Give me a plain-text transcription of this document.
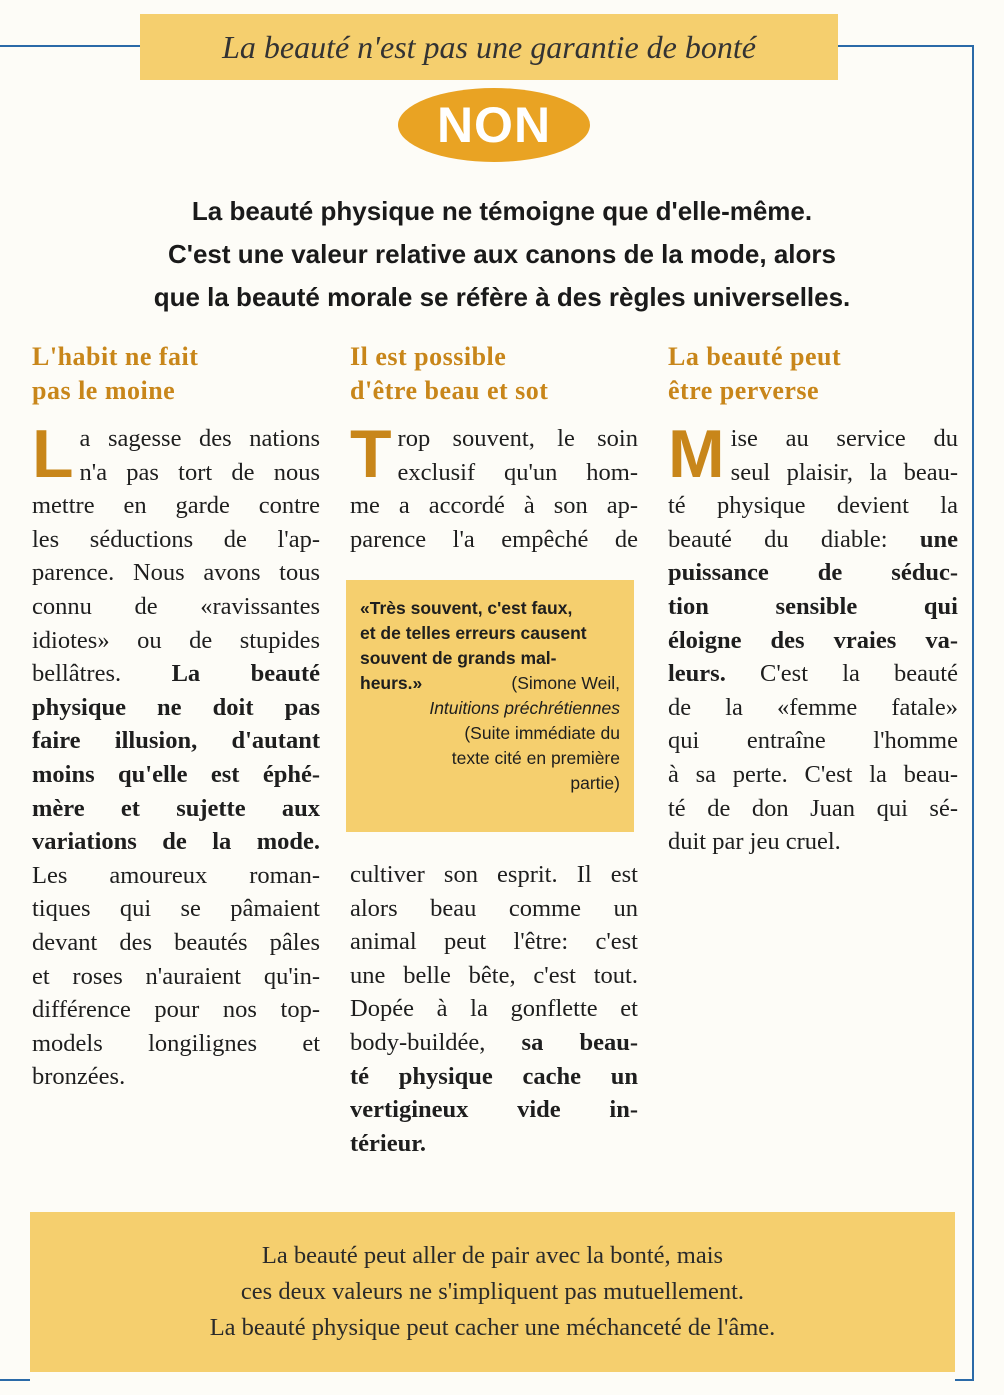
La beauté n'est pas une garantie de bonté
NON
La beauté physique ne témoigne que d'elle-même.
C'est une valeur relative aux canons de la mode, alors
que la beauté morale se réfère à des règles universelles.
L'habit ne fait
pas le moine
L a sagesse des nations
n'a pas tort de nous
mettre en garde contre
les séductions de l'ap-
parence. Nous avons tous
connu de «ravissantes
idiotes» ou de stupides
bellâtres. La beauté
physique ne doit pas
faire illusion, d'autant
moins qu'elle est éphé-
mère et sujette aux
variations de la mode.
Les amoureux roman-
tiques qui se pâmaient
devant des beautés pâles
et roses n'auraient qu'in-
différence pour nos top-
models longilignes et
bronzées.
Il est possible
d'être beau et sot
T rop souvent, le soin
exclusif qu'un hom-
me a accordé à son ap-
parence l'a empêché de
«Très souvent, c'est faux,
et de telles erreurs causent
souvent de grands mal-
heurs.»	(Simone Weil,
Intuitions préchrétiennes
(Suite immédiate du
texte cité en première
partie)
cultiver son esprit. Il est
alors beau comme un
animal peut l'être: c'est
une belle bête, c'est tout.
Dopée à la gonflette et
body-buildée, sa beau-
té physique cache un
vertigineux vide in-
térieur.
La beauté peut
être perverse
M ise au service du
seul plaisir, la beau-
té physique devient la
beauté du diable: une
puissance de séduc-
tion sensible qui
éloigne des vraies va-
leurs. C'est la beauté
de la «femme fatale»
qui entraîne l'homme
à sa perte. C'est la beau-
té de don Juan qui sé-
duit par jeu cruel.
La beauté peut aller de pair avec la bonté, mais
ces deux valeurs ne s'impliquent pas mutuellement.
La beauté physique peut cacher une méchanceté de l'âme.
